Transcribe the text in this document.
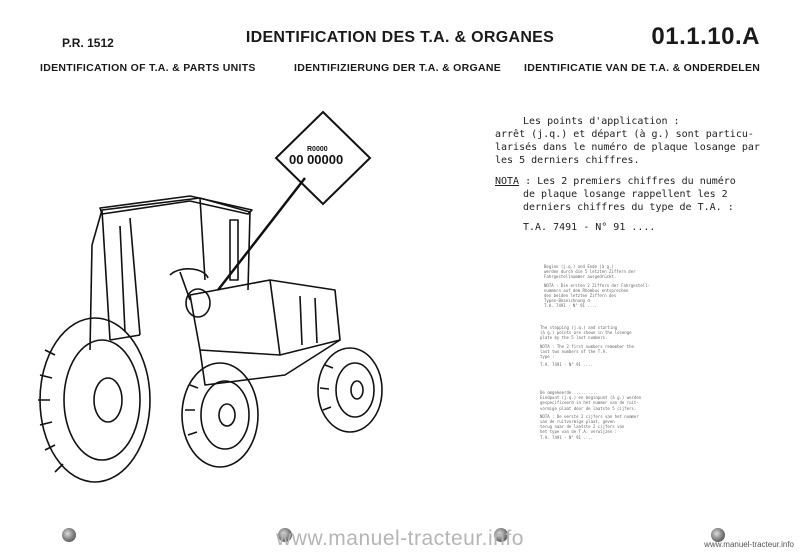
P.R. 1512	IDENTIFICATION DES T.A. & ORGANES	01.1.10.A
IDENTIFICATION OF T.A. & PARTS UNITS	IDENTIFIZIERUNG DER T.A. & ORGANE IDENTIFICATIE VAN DE T.A. & ONDERDELEN
R0000
00 00000
Les points d'application :
arrêt (j.q.) et départ (à g.) sont particu-
larisés dans le numéro de plaque losange par
les 5 derniers chiffres.
NOTA : Les 2 premiers chiffres du numéro
de plaque losange rappellent les 2
derniers chiffres du type de T.A. :
T.A. 7491 - N° 91 ....
Beginn (j.q.) und Ende (à g.)
werden durch die 5 letzten Ziffern der
Fahrgestellnummer ausgedrückt.
NOTA : Die ersten 2 Ziffern der Fahrgestell-
nummern auf dem Rhombus entsprechen
den beiden letzten Ziffern des
Typen-Bezeichnung d
T.A. 7491 - N° 91 ....
The stopping (j.q.) and starting
(à g.) points are shown in the lozenge
plate by the 5 last numbers.
NOTA : The 2 first numbers remember the
last two numbers of the T.A.
type :
T.A. 7491 - N° 91 ....
De omgekeerde ..........
Eindpunt (j.q.) en beginpunt (à g.) worden
gespecificeerd in het nummer van de ruit-
vormige plaat door de laatste 5 cijfers.
NOTA : De eerste 2 cijfers van het nummer
van de ruitvormige plaat, geven
terug naar de laatste 2 cijfers van
het type van de T.A. verwijzen :
T.A. 7491 - N° 91 ....
www.manuel-tracteur.info	www.manuel-tracteur.info
